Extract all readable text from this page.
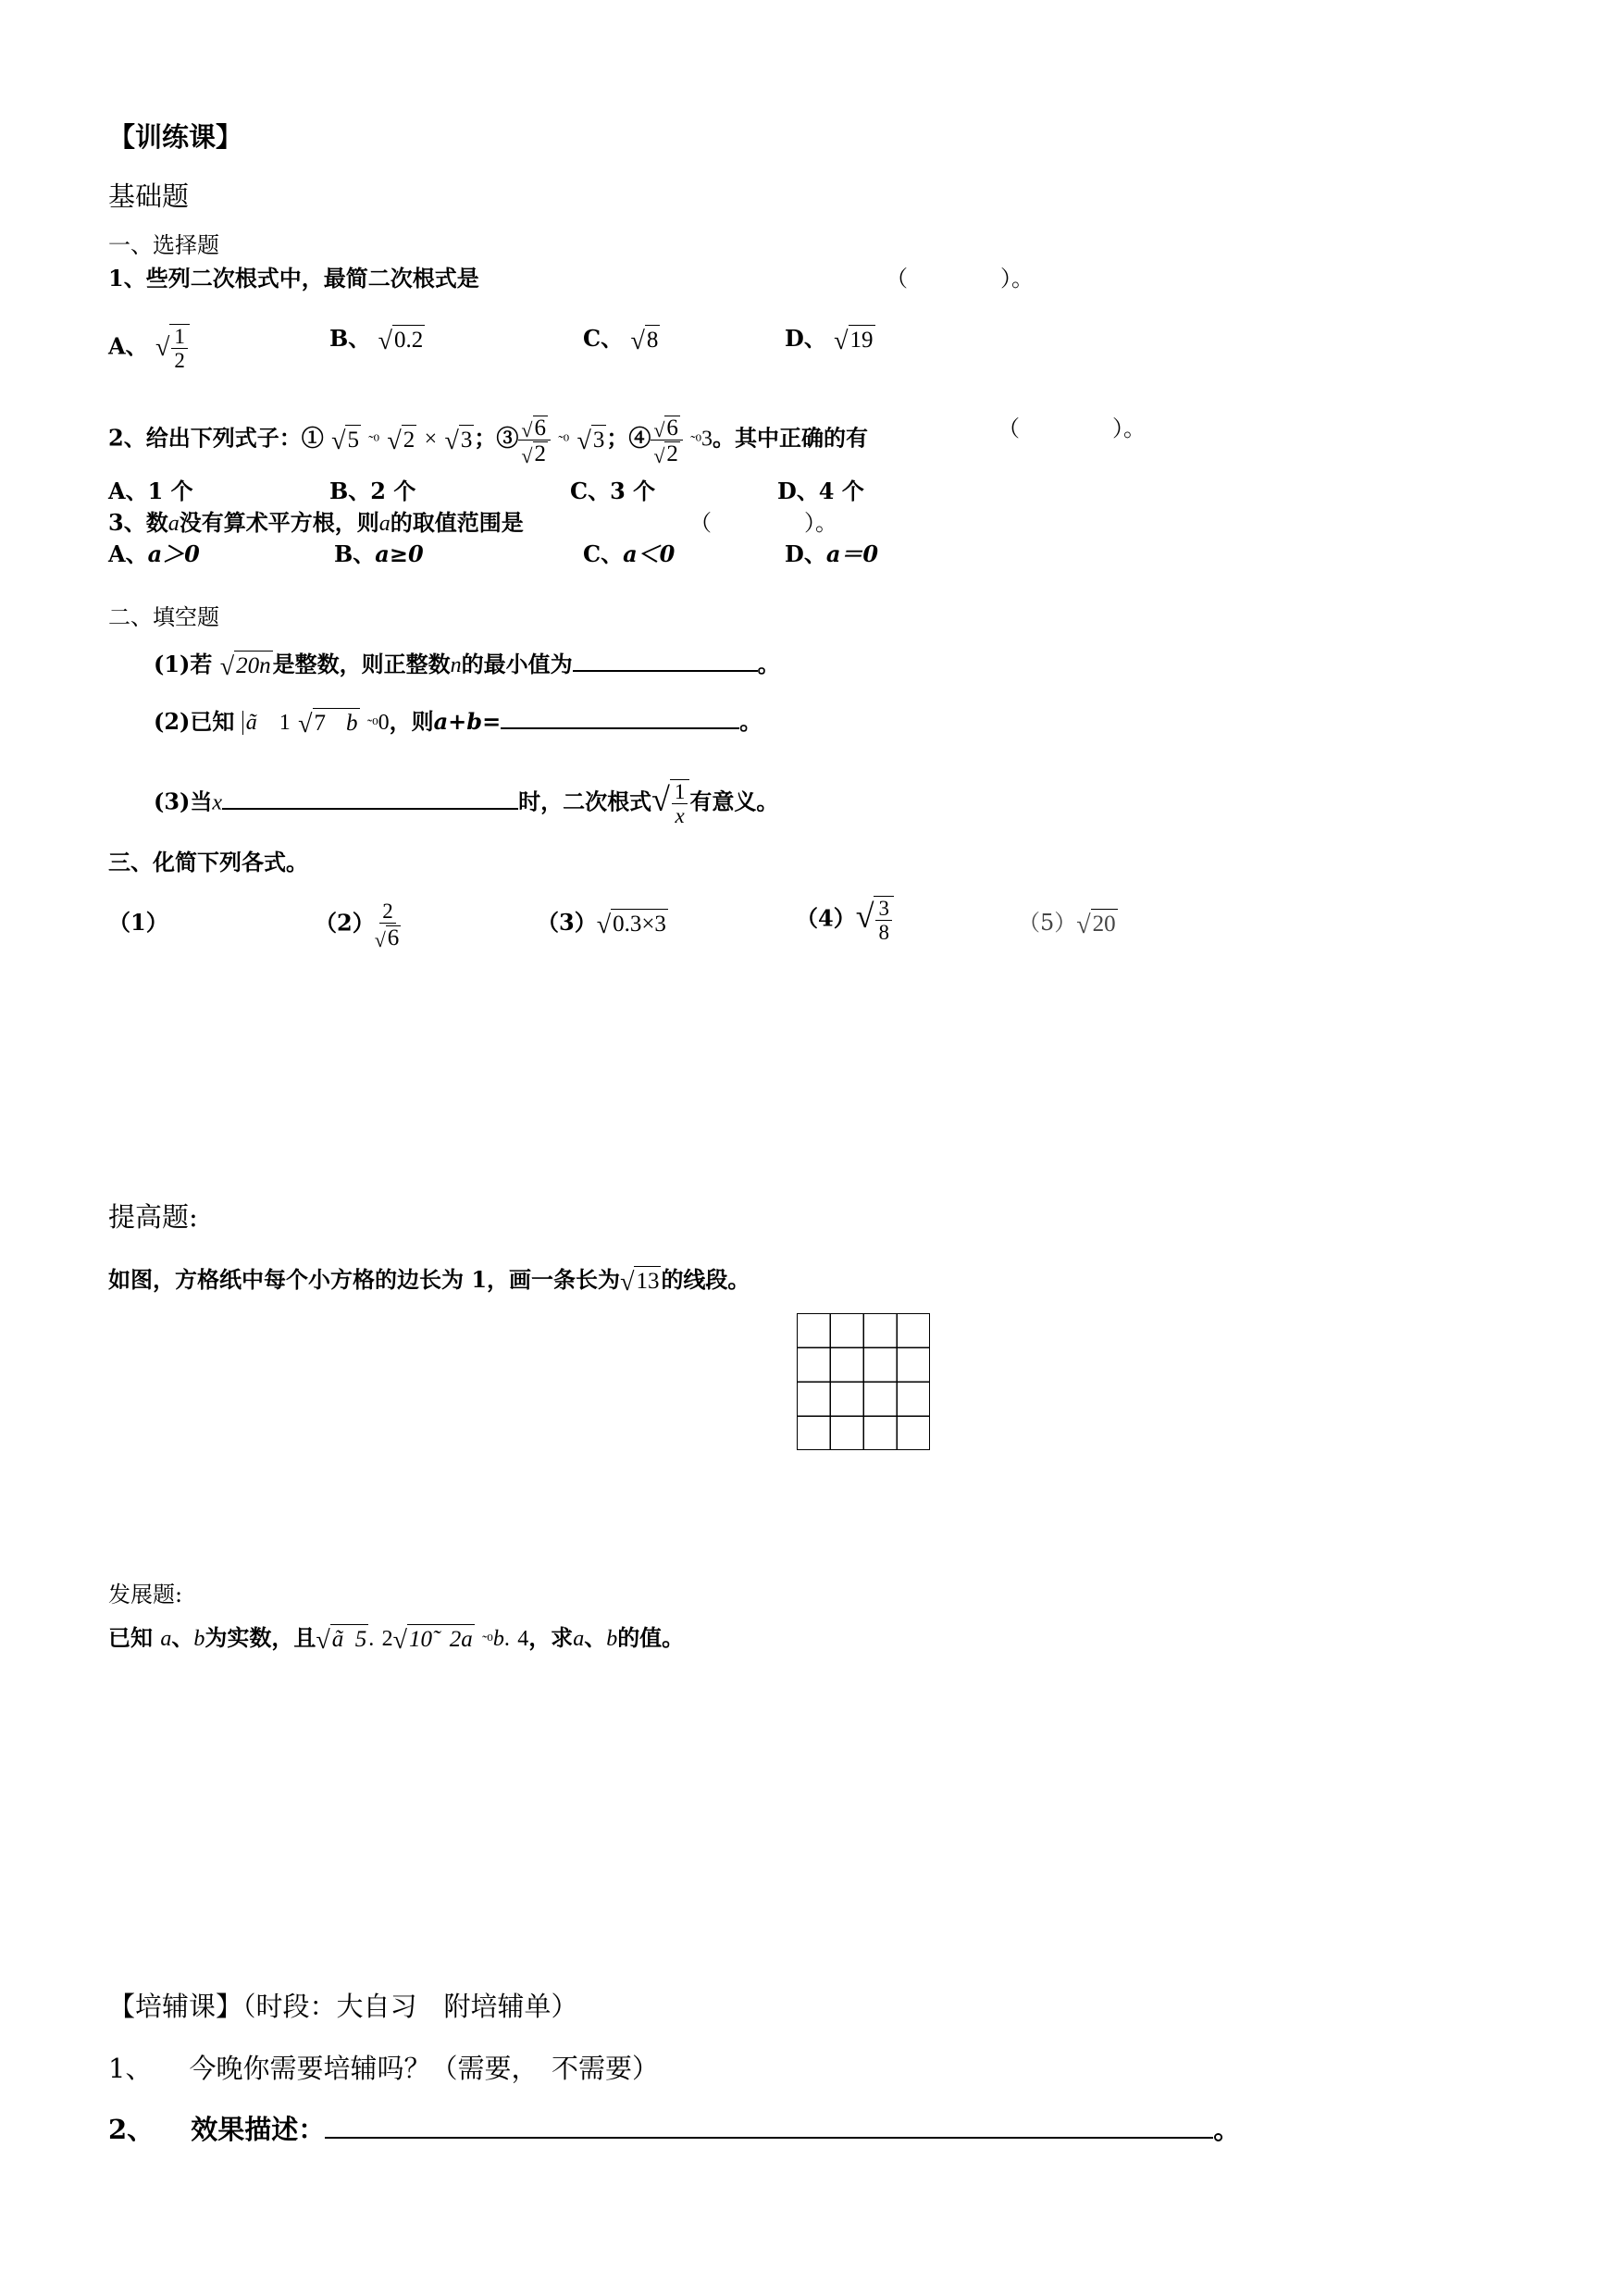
【训练课】
基础题
一、选择题
1、些列二次根式中，最简二次根式是	（	）。
A、 √ $\frac{1}{2}$	B、 √0.2	C、 √8	D、 √19
2、给出下列式子：① √5 ˜⁰ √2 × √3；③ $\frac{√6}{√2}$ ˜⁰ √3；④ $\frac{√6}{√2}$ ˜⁰3。其中正确的有	（	）。
A、1 个	B、2 个	C、3 个	D、4 个
3、数a没有算术平方根，则a的取值范围是	（	）。
A、a＞0	B、a≥0	C、a＜0	D、a＝0
二、填空题
(1)若 √20n是整数，则正整数n的最小值为	。
(2)已知 ã 1 √7 b ˜⁰0，则a+b=	。
(3)当x	时，二次根式√ $\frac{1}{x}$ 有意义。
三、化简下列各式。
（1）	$(2) \frac{2}{√6}$	（3）√0.3×3	$(4)√ \frac{3}{8}$	（5）√20
提高题:
如图，方格纸中每个小方格的边长为 1，画一条长为√13的线段。
发展题:
已知 a、b为实数，且√ã  5. 2√10̃   2a ˜⁰b. 4，求a、b的值。
【培辅课】（时段：大自习　附培辅单）
1、 今晚你需要培辅吗？（需要，　不需要）
2、 效果描述：	。
